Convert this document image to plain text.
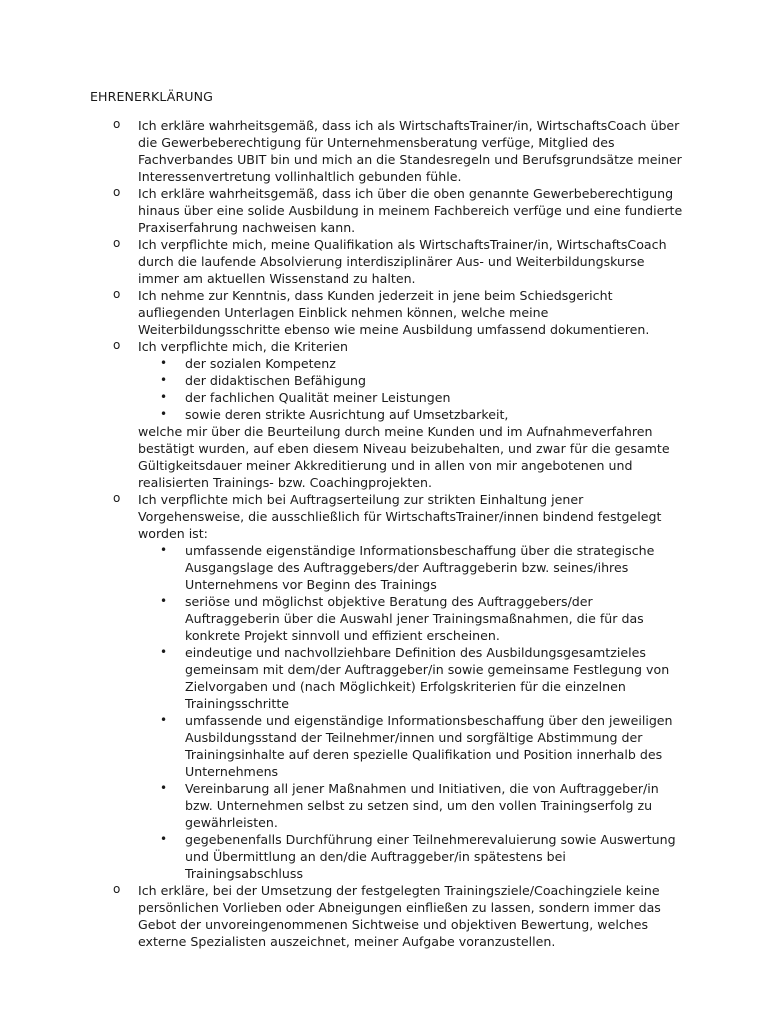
EHRENERKLÄRUNG
o Ich erkläre wahrheitsgemäß, dass ich als WirtschaftsTrainer/in, WirtschaftsCoach über die Gewerbeberechtigung für Unternehmensberatung verfüge, Mitglied des Fachverbandes UBIT bin und mich an die Standesregeln und Berufsgrundsätze meiner Interessenvertretung vollinhaltlich gebunden fühle.
o Ich erkläre wahrheitsgemäß, dass ich über die oben genannte Gewerbeberechtigung hinaus über eine solide Ausbildung in meinem Fachbereich verfüge und eine fundierte Praxiserfahrung nachweisen kann.
o Ich verpflichte mich, meine Qualifikation als WirtschaftsTrainer/in, WirtschaftsCoach durch die laufende Absolvierung interdisziplinärer Aus- und Weiterbildungskurse immer am aktuellen Wissenstand zu halten.
o Ich nehme zur Kenntnis, dass Kunden jederzeit in jene beim Schiedsgericht aufliegenden Unterlagen Einblick nehmen können, welche meine Weiterbildungsschritte ebenso wie meine Ausbildung umfassend dokumentieren.
o Ich verpflichte mich, die Kriterien
• der sozialen Kompetenz
• der didaktischen Befähigung
• der fachlichen Qualität meiner Leistungen
• sowie deren strikte Ausrichtung auf Umsetzbarkeit,

welche mir über die Beurteilung durch meine Kunden und im Aufnahmeverfahren bestätigt wurden, auf eben diesem Niveau beizubehalten, und zwar für die gesamte Gültigkeitsdauer meiner Akkreditierung und in allen von mir angebotenen und realisierten Trainings- bzw. Coachingprojekten.

o Ich verpflichte mich bei Auftragserteilung zur strikten Einhaltung jener Vorgehensweise, die ausschließlich für WirtschaftsTrainer/innen bindend festgelegt worden ist:
• umfassende eigenständige Informationsbeschaffung über die strategische Ausgangslage des Auftraggebers/der Auftraggeberin bzw. seines/ihres Unternehmens vor Beginn des Trainings
• seriöse und möglichst objektive Beratung des Auftraggebers/der Auftraggeberin über die Auswahl jener Trainingsmaßnahmen, die für das konkrete Projekt sinnvoll und effizient erscheinen.
• eindeutige und nachvollziehbare Definition des Ausbildungsgesamtzieles gemeinsam mit dem/der Auftraggeber/in sowie gemeinsame Festlegung von Zielvorgaben und (nach Möglichkeit) Erfolgskriterien für die einzelnen Trainingsschritte
• umfassende und eigenständige Informationsbeschaffung über den jeweiligen Ausbildungsstand der Teilnehmer/innen und sorgfältige Abstimmung der Trainingsinhalte auf deren spezielle Qualifikation und Position innerhalb des Unternehmens
• Vereinbarung all jener Maßnahmen und Initiativen, die von Auftraggeber/in bzw. Unternehmen selbst zu setzen sind, um den vollen Trainingserfolg zu gewährleisten.
• gegebenenfalls Durchführung einer Teilnehmerevaluierung sowie Auswertung und Übermittlung an den/die Auftraggeber/in spätestens bei Trainingsabschluss
o Ich erkläre, bei der Umsetzung der festgelegten Trainingsziele/Coachingziele keine persönlichen Vorlieben oder Abneigungen einfließen zu lassen, sondern immer das Gebot der unvoreingenommenen Sichtweise und objektiven Bewertung, welches externe Spezialisten auszeichnet, meiner Aufgabe voranzustellen.
